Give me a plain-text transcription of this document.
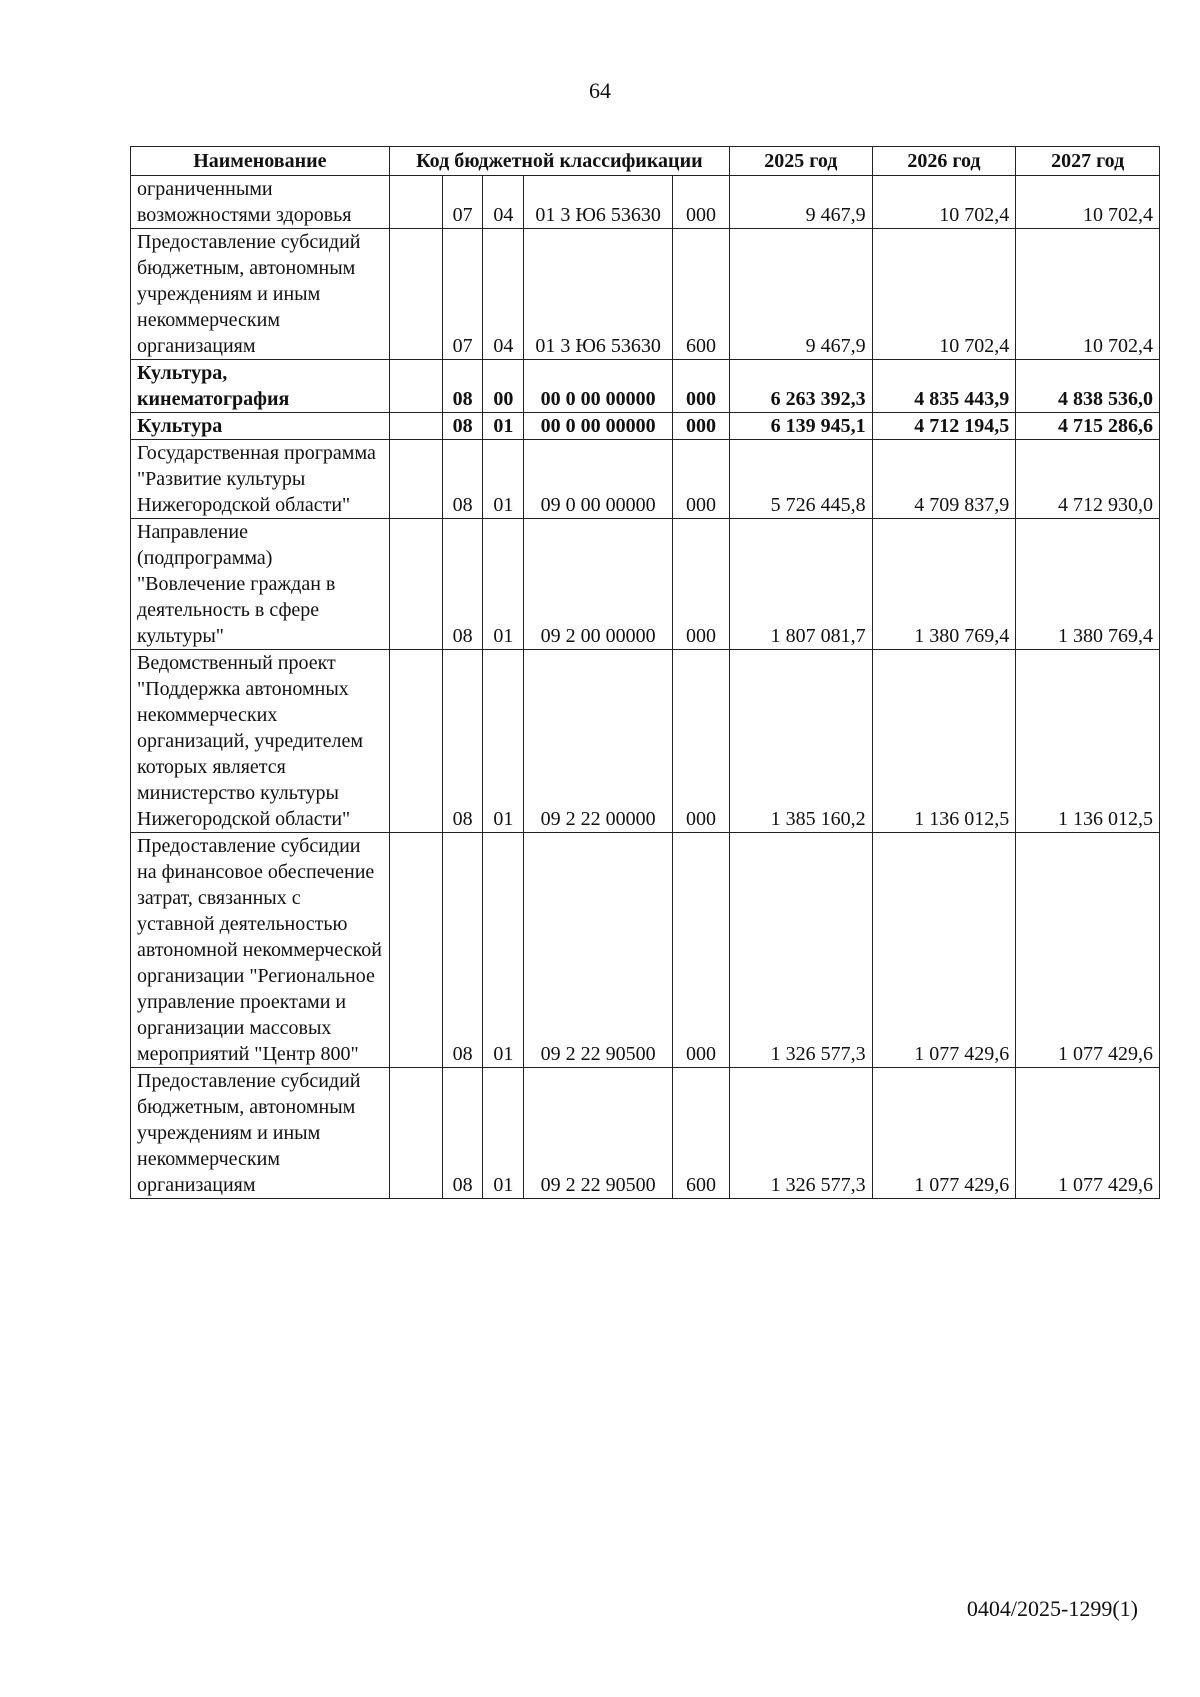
64
Наименование	Код бюджетной классификации					2025 год	2026 год	2027 год
ограниченными возможностями здоровья		07	04	01 3 Ю6 53630	000	9 467,9	10 702,4	10 702,4
Предоставление субсидий бюджетным, автономным учреждениям и иным некоммерческим организациям		07	04	01 3 Ю6 53630	600	9 467,9	10 702,4	10 702,4
Культура, кинематография		08	00	00 0 00 00000	000	6 263 392,3	4 835 443,9	4 838 536,0
Культура		08	01	00 0 00 00000	000	6 139 945,1	4 712 194,5	4 715 286,6
Государственная программа "Развитие культуры Нижегородской области"		08	01	09 0 00 00000	000	5 726 445,8	4 709 837,9	4 712 930,0
Направление (подпрограмма) "Вовлечение граждан в деятельность в сфере культуры"		08	01	09 2 00 00000	000	1 807 081,7	1 380 769,4	1 380 769,4
Ведомственный проект "Поддержка автономных некоммерческих организаций, учредителем которых является министерство культуры Нижегородской области"		08	01	09 2 22 00000	000	1 385 160,2	1 136 012,5	1 136 012,5
Предоставление субсидии на финансовое обеспечение затрат, связанных с уставной деятельностью автономной некоммерческой организации "Региональное управление проектами и организации массовых мероприятий "Центр 800"		08	01	09 2 22 90500	000	1 326 577,3	1 077 429,6	1 077 429,6
Предоставление субсидий бюджетным, автономным учреждениям и иным некоммерческим организациям		08	01	09 2 22 90500	600	1 326 577,3	1 077 429,6	1 077 429,6
0404/2025-1299(1)
